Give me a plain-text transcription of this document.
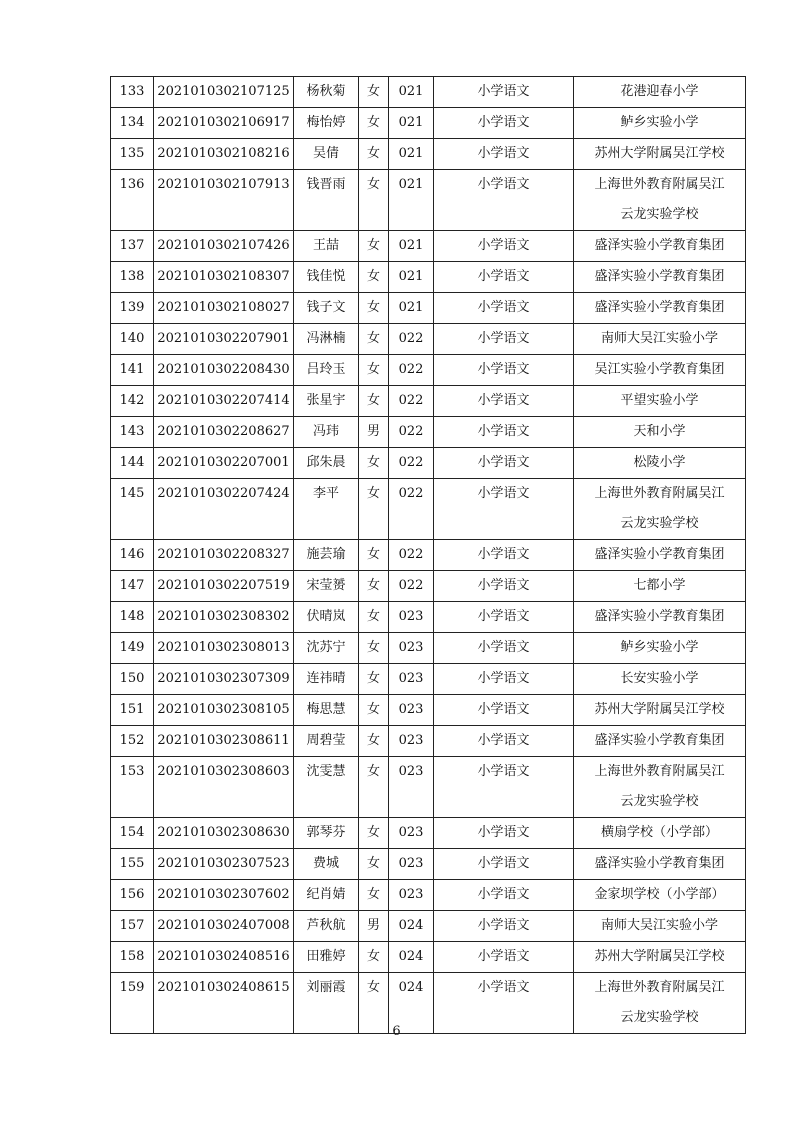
133	2021010302107125	杨秋菊	女	021	小学语文	花港迎春小学
134	2021010302106917	梅怡婷	女	021	小学语文	鲈乡实验小学
135	2021010302108216	吴倩	女	021	小学语文	苏州大学附属吴江学校
136	2021010302107913	钱晋雨	女	021	小学语文	上海世外教育附属吴江
云龙实验学校

137	2021010302107426	王喆	女	021	小学语文	盛泽实验小学教育集团
138	2021010302108307	钱佳悦	女	021	小学语文	盛泽实验小学教育集团
139	2021010302108027	钱子文	女	021	小学语文	盛泽实验小学教育集团
140	2021010302207901	冯淋楠	女	022	小学语文	南师大吴江实验小学
141	2021010302208430	吕玲玉	女	022	小学语文	吴江实验小学教育集团
142	2021010302207414	张星宇	女	022	小学语文	平望实验小学
143	2021010302208627	冯玮	男	022	小学语文	天和小学
144	2021010302207001	邱朱晨	女	022	小学语文	松陵小学
145	2021010302207424	李平	女	022	小学语文	上海世外教育附属吴江
云龙实验学校

146	2021010302208327	施芸瑜	女	022	小学语文	盛泽实验小学教育集团
147	2021010302207519	宋莹赟	女	022	小学语文	七都小学
148	2021010302308302	伏晴岚	女	023	小学语文	盛泽实验小学教育集团
149	2021010302308013	沈苏宁	女	023	小学语文	鲈乡实验小学
150	2021010302307309	连祎晴	女	023	小学语文	长安实验小学
151	2021010302308105	梅思慧	女	023	小学语文	苏州大学附属吴江学校
152	2021010302308611	周碧莹	女	023	小学语文	盛泽实验小学教育集团
153	2021010302308603	沈雯慧	女	023	小学语文	上海世外教育附属吴江
云龙实验学校

154	2021010302308630	郭琴芬	女	023	小学语文	横扇学校（小学部）
155	2021010302307523	费城	女	023	小学语文	盛泽实验小学教育集团
156	2021010302307602	纪肖婧	女	023	小学语文	金家坝学校（小学部）
157	2021010302407008	芦秋航	男	024	小学语文	南师大吴江实验小学
158	2021010302408516	田雅婷	女	024	小学语文	苏州大学附属吴江学校
159	2021010302408615	刘丽霞	女	024	小学语文	上海世外教育附属吴江
云龙实验学校
6
